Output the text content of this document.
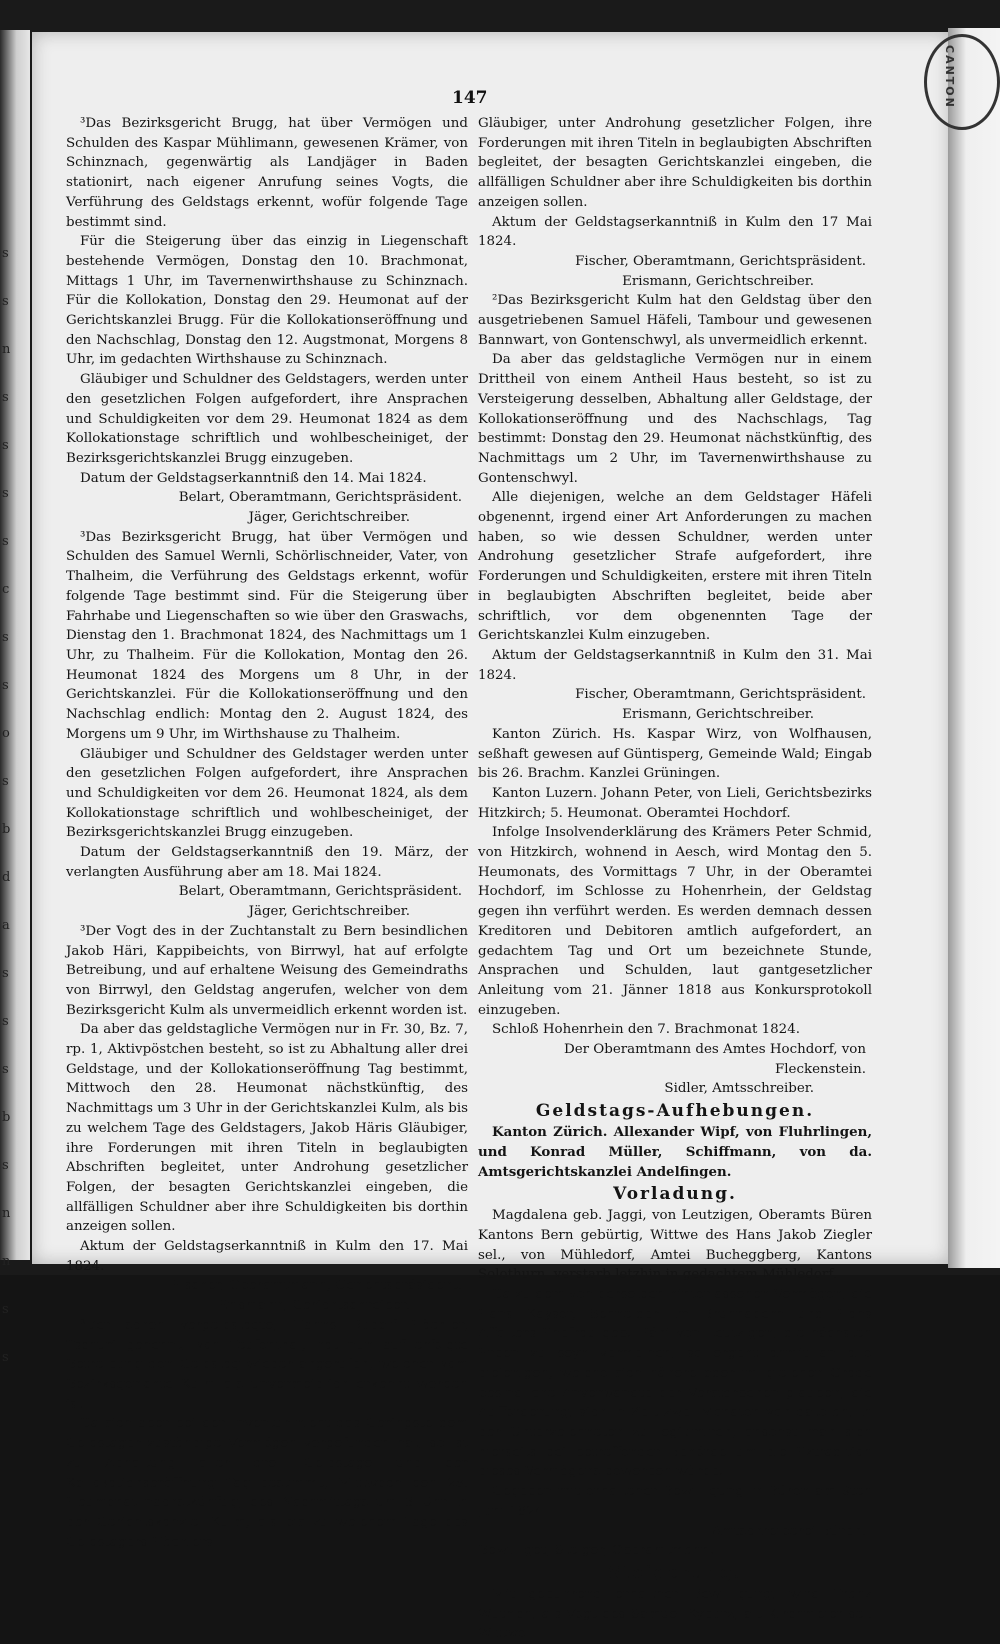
s
s
n
s
s
s
s
c
s
s
o
s
b
d
a
s
s
s
b
s
n
n
s
s
CANTON
147

³Das Bezirksgericht Brugg, hat über Vermögen und Schulden des Kaspar Mühlimann, gewesenen Krämer, von Schinznach, gegenwärtig als Landjäger in Baden stationirt, nach eigener Anrufung seines Vogts, die Verführung des Geldstags erkennt, wofür folgende Tage bestimmt sind.

Für die Steigerung über das einzig in Liegenschaft bestehende Vermögen, Donstag den 10. Brachmonat, Mittags 1 Uhr, im Tavernenwirthshause zu Schinznach. Für die Kollokation, Donstag den 29. Heumonat auf der Gerichtskanzlei Brugg. Für die Kollokationseröffnung und den Nachschlag, Donstag den 12. Augstmonat, Morgens 8 Uhr, im gedachten Wirthshause zu Schinznach.

Gläubiger und Schuldner des Geldstagers, werden unter den gesetzlichen Folgen aufgefordert, ihre Ansprachen und Schuldigkeiten vor dem 29. Heumonat 1824 as dem Kollokationstage schriftlich und wohlbescheiniget, der Bezirksgerichtskanzlei Brugg einzugeben.

Datum der Geldstagserkanntniß den 14. Mai 1824.

Belart, Oberamtmann, Gerichtspräsident.

Jäger, Gerichtschreiber.

³Das Bezirksgericht Brugg, hat über Vermögen und Schulden des Samuel Wernli, Schörlischneider, Vater, von Thalheim, die Verführung des Geldstags erkennt, wofür folgende Tage bestimmt sind. Für die Steigerung über Fahrhabe und Liegenschaften so wie über den Graswachs, Dienstag den 1. Brachmonat 1824, des Nachmittags um 1 Uhr, zu Thalheim. Für die Kollokation, Montag den 26. Heumonat 1824 des Morgens um 8 Uhr, in der Gerichtskanzlei. Für die Kollokationseröffnung und den Nachschlag endlich: Montag den 2. August 1824, des Morgens um 9 Uhr, im Wirthshause zu Thalheim.

Gläubiger und Schuldner des Geldstager werden unter den gesetzlichen Folgen aufgefordert, ihre Ansprachen und Schuldigkeiten vor dem 26. Heumonat 1824, als dem Kollokationstage schriftlich und wohlbescheiniget, der Bezirksgerichtskanzlei Brugg einzugeben.

Datum der Geldstagserkanntniß den 19. März, der verlangten Ausführung aber am 18. Mai 1824.

Belart, Oberamtmann, Gerichtspräsident.

Jäger, Gerichtschreiber.

³Der Vogt des in der Zuchtanstalt zu Bern besindlichen Jakob Häri, Kappibeichts, von Birrwyl, hat auf erfolgte Betreibung, und auf erhaltene Weisung des Gemeindraths von Birrwyl, den Geldstag angerufen, welcher von dem Bezirksgericht Kulm als unvermeidlich erkennt worden ist.

Da aber das geldstagliche Vermögen nur in Fr. 30, Bz. 7, rp. 1, Aktivpöstchen besteht, so ist zu Abhaltung aller drei Geldstage, und der Kollokationseröffnung Tag bestimmt, Mittwoch den 28. Heumonat nächstkünftig, des Nachmittags um 3 Uhr in der Gerichtskanzlei Kulm, als bis zu welchem Tage des Geldstagers, Jakob Häris Gläubiger, ihre Forderungen mit ihren Titeln in beglaubigten Abschriften begleitet, unter Androhung gesetzlicher Folgen, der besagten Gerichtskanzlei eingeben, die allfälligen Schuldner aber ihre Schuldigkeiten bis dorthin anzeigen sollen.

Aktum der Geldstagserkanntniß in Kulm den 17. Mai 1824.

Fischer, Oberamtmann, Gerichtspräsident.

Erismann, Gerichtschreiber.

³Der schon vergeldstagte, Hanns Rudolf Hächler, Tschuri genennt, von Teufenthal, hat nun auf erfolgte Betreibung den Geldstag wieder angerufen, welcher vom Bezirksgerichte Kulm als unvermeidlich erkennt worden ist.

Da sich aber bei der Inventur nicht das Geringste dem Geldstager zuständige Vermögen vorgefunden hat, so ist zu Abhaltung aller drei Geldstage und der Kollokationseröffnung Tag bestimmt, Mittwoch den 28. Heumonat nächstkünftig, des Nachmittags um 3 Uhr in der Gerichtskanzlei Kulm, als bis zu welchem Tage des Geldstagers Hächlers

Gläubiger, unter Androhung gesetzlicher Folgen, ihre Forderungen mit ihren Titeln in beglaubigten Abschriften begleitet, der besagten Gerichtskanzlei eingeben, die allfälligen Schuldner aber ihre Schuldigkeiten bis dorthin anzeigen sollen.

Aktum der Geldstagserkanntniß in Kulm den 17 Mai 1824.

Fischer, Oberamtmann, Gerichtspräsident.

Erismann, Gerichtschreiber.

²Das Bezirksgericht Kulm hat den Geldstag über den ausgetriebenen Samuel Häfeli, Tambour und gewesenen Bannwart, von Gontenschwyl, als unvermeidlich erkennt.

Da aber das geldstagliche Vermögen nur in einem Drittheil von einem Antheil Haus besteht, so ist zu Versteigerung desselben, Abhaltung aller Geldstage, der Kollokationseröffnung und des Nachschlags, Tag bestimmt: Donstag den 29. Heumonat nächstkünftig, des Nachmittags um 2 Uhr, im Tavernenwirthshause zu Gontenschwyl.

Alle diejenigen, welche an dem Geldstager Häfeli obgenennt, irgend einer Art Anforderungen zu machen haben, so wie dessen Schuldner, werden unter Androhung gesetzlicher Strafe aufgefordert, ihre Forderungen und Schuldigkeiten, erstere mit ihren Titeln in beglaubigten Abschriften begleitet, beide aber schriftlich, vor dem obgenennten Tage der Gerichtskanzlei Kulm einzugeben.

Aktum der Geldstagserkanntniß in Kulm den 31. Mai 1824.

Fischer, Oberamtmann, Gerichtspräsident.

Erismann, Gerichtschreiber.

Kanton Zürich. Hs. Kaspar Wirz, von Wolfhausen, seßhaft gewesen auf Güntisperg, Gemeinde Wald; Eingab bis 26. Brachm. Kanzlei Grüningen.

Kanton Luzern. Johann Peter, von Lieli, Gerichtsbezirks Hitzkirch; 5. Heumonat. Oberamtei Hochdorf.

Infolge Insolvenderklärung des Krämers Peter Schmid, von Hitzkirch, wohnend in Aesch, wird Montag den 5. Heumonats, des Vormittags 7 Uhr, in der Oberamtei Hochdorf, im Schlosse zu Hohenrhein, der Geldstag gegen ihn verführt werden. Es werden demnach dessen Kreditoren und Debitoren amtlich aufgefordert, an gedachtem Tag und Ort um bezeichnete Stunde, Ansprachen und Schulden, laut gantgesetzlicher Anleitung vom 21. Jänner 1818 aus Konkursprotokoll einzugeben.

Schloß Hohenrhein den 7. Brachmonat 1824.

Der Oberamtmann des Amtes Hochdorf, von Fleckenstein.

Sidler, Amtsschreiber.

Geldstags-Aufhebungen.

Kanton Zürich. Allexander Wipf, von Fluhrlingen, und Konrad Müller, Schiffmann, von da. Amtsgerichtskanzlei Andelfingen.

Vorladung.

Magdalena geb. Jaggi, von Leutzigen, Oberamts Büren Kantons Bern gebürtig, Wittwe des Hans Jakob Ziegler sel., von Mühledorf, Amtei Bucheggberg, Kantons Solothurn, verstarb letzhin in gedachtem Mühledorf.

Da zu dem von derselben hinterlassenen Vermögen, die Hans Kayser, Schneider im Brunnadern und Hans Affolters Ehefrau geb. Häni von Leutzigen, die nächsten Erben zu seyn vermeinen, so ergeht anmit an alle diejenigen, welche sich nähere oder im gleichen Grade besindliche Anverwandte der Verstorbenen glauben, die Aufforderung, sich in Zeit zwei Monaten von dato an, in der Unterzeichneten zu legitimiren, ansonst man sich hierseits bei betreffender Behörde um die Extradition dieses Vermögens bewerben würde.

Gegeben mit erhaltener Bewilligung in Büren am 9ten Juni 1824.

Amtschreiberei Büren.

Bewilliget; Steiger, Oberamtmann.

Steigerung.

Mit gebührend erhaltner Bewilligung, wird Franz Wütrich, als Vogt des Samuel Kyburz, alt Kirchmeier sel. Wittwe
